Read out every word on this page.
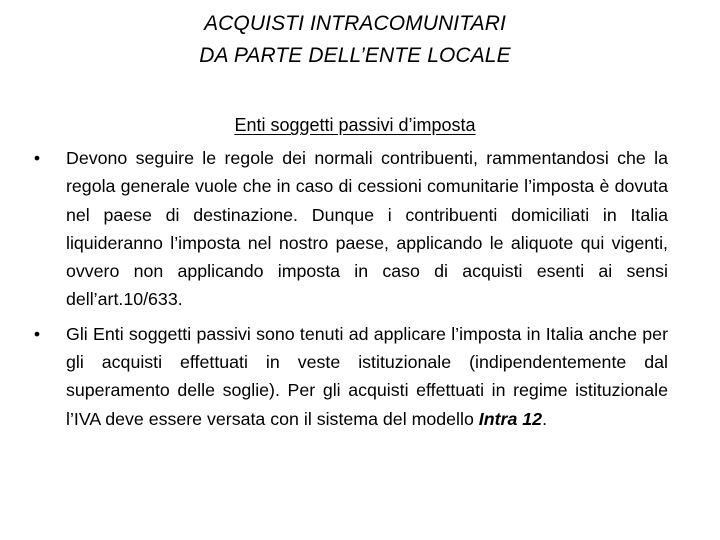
ACQUISTI INTRACOMUNITARI
DA PARTE DELL’ENTE LOCALE
Enti soggetti passivi d’imposta
• Devono seguire le regole dei normali contribuenti, rammentandosi che la regola generale vuole che in caso di cessioni comunitarie l’imposta è dovuta nel paese di destinazione. Dunque i contribuenti domiciliati in Italia liquideranno l’imposta nel nostro paese, applicando le aliquote qui vigenti, ovvero non applicando imposta in caso di acquisti esenti ai sensi dell’art.10/633.
• Gli Enti soggetti passivi sono tenuti ad applicare l’imposta in Italia anche per gli acquisti effettuati in veste istituzionale (indipendentemente dal superamento delle soglie). Per gli acquisti effettuati in regime istituzionale l’IVA deve essere versata con il sistema del modello Intra 12.
